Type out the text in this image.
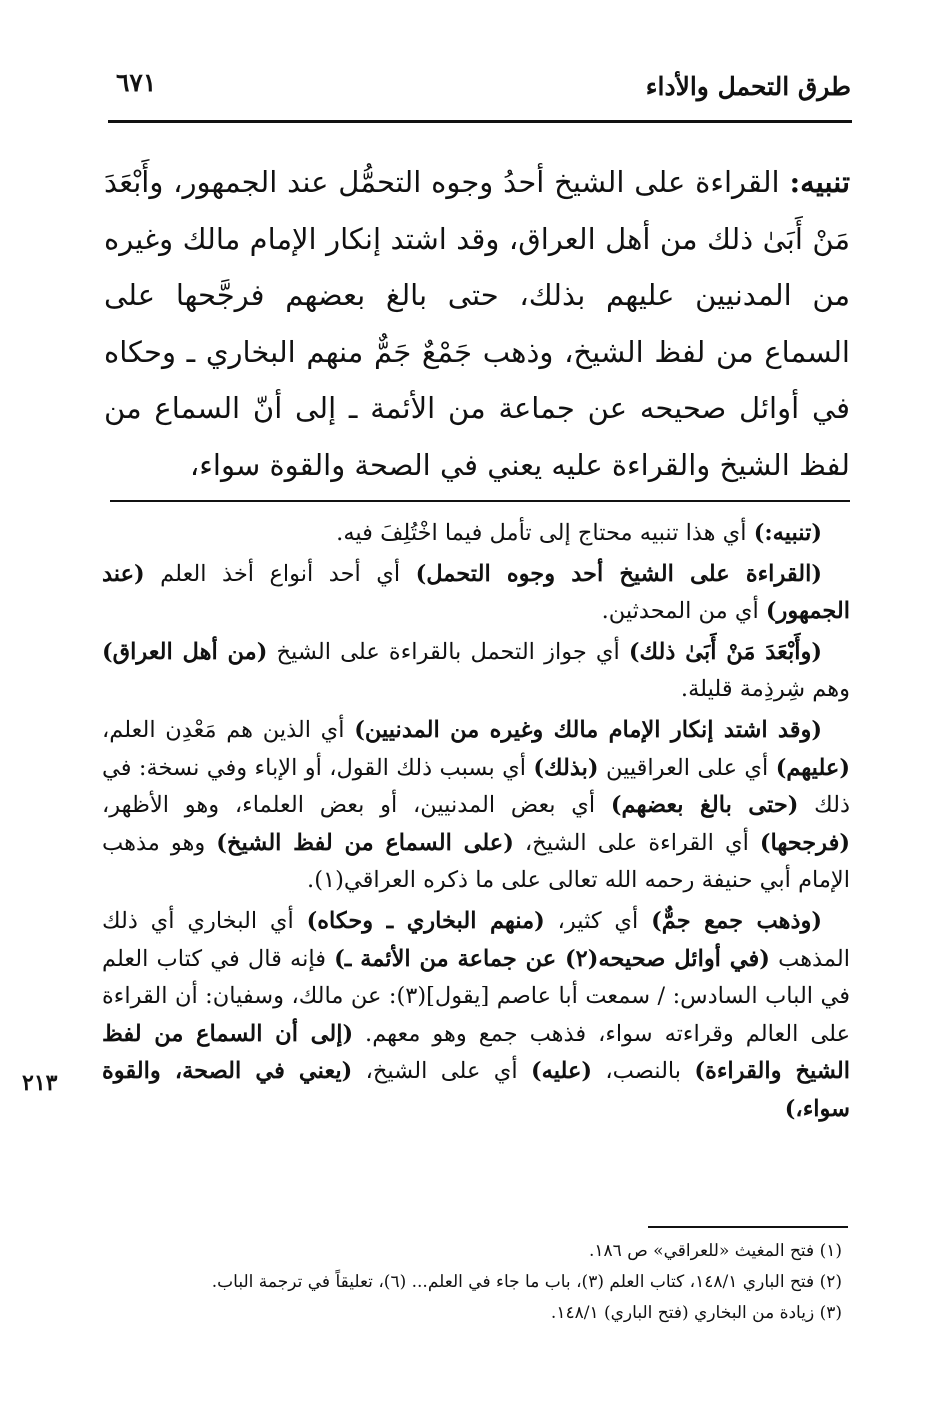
طرق التحمل والأداء
٦٧١
تنبيه: القراءة على الشيخ أحدُ وجوه التحمُّل عند الجمهور، وأَبْعَدَ مَنْ أَبَىٰ ذلك من أهل العراق، وقد اشتد إنكار الإمام مالك وغيره من المدنيين عليهم بذلك، حتى بالغ بعضهم فرجَّحها على السماع من لفظ الشيخ، وذهب جَمْعٌ جَمٌّ منهم البخاري ـ وحكاه في أوائل صحيحه عن جماعة من الأئمة ـ إلى أنّ السماع من لفظ الشيخ والقراءة عليه يعني في الصحة والقوة سواء،

(تنبيه:) أي هذا تنبيه محتاج إلى تأمل فيما اخْتُلِفَ فيه.

(القراءة على الشيخ أحد وجوه التحمل) أي أحد أنواع أخذ العلم (عند الجمهور) أي من المحدثين.

(وأَبْعَدَ مَنْ أَبَىٰ ذلك) أي جواز التحمل بالقراءة على الشيخ (من أهل العراق) وهم شِرذِمة قليلة.

(وقد اشتد إنكار الإمام مالك وغيره من المدنيين) أي الذين هم مَعْدِن العلم، (عليهم) أي على العراقيين (بذلك) أي بسبب ذلك القول، أو الإباء وفي نسخة: في ذلك (حتى بالغ بعضهم) أي بعض المدنيين، أو بعض العلماء، وهو الأظهر، (فرجحها) أي القراءة على الشيخ، (على السماع من لفظ الشيخ) وهو مذهب الإمام أبي حنيفة رحمه الله تعالى على ما ذكره العراقي(١).

(وذهب جمع جمٌّ) أي كثير، (منهم البخاري ـ وحكاه) أي البخاري أي ذلك المذهب (في أوائل صحيحه(٢) عن جماعة من الأئمة ـ) فإنه قال في كتاب العلم في الباب السادس: / سمعت أبا عاصم [يقول](٣): عن مالك، وسفيان: أن القراءة على العالم وقراءته سواء، فذهب جمع وهو معهم. (إلى أن السماع من لفظ الشيخ والقراءة) بالنصب، (عليه) أي على الشيخ، (يعني في الصحة، والقوة سواء،)

٢١٣
(١) فتح المغيث «للعراقي» ص ١٨٦.
(٢) فتح الباري ١٤٨/١، كتاب العلم (٣)، باب ما جاء في العلم... (٦)، تعليقاً في ترجمة الباب.
(٣) زيادة من البخاري (فتح الباري) ١٤٨/١.
